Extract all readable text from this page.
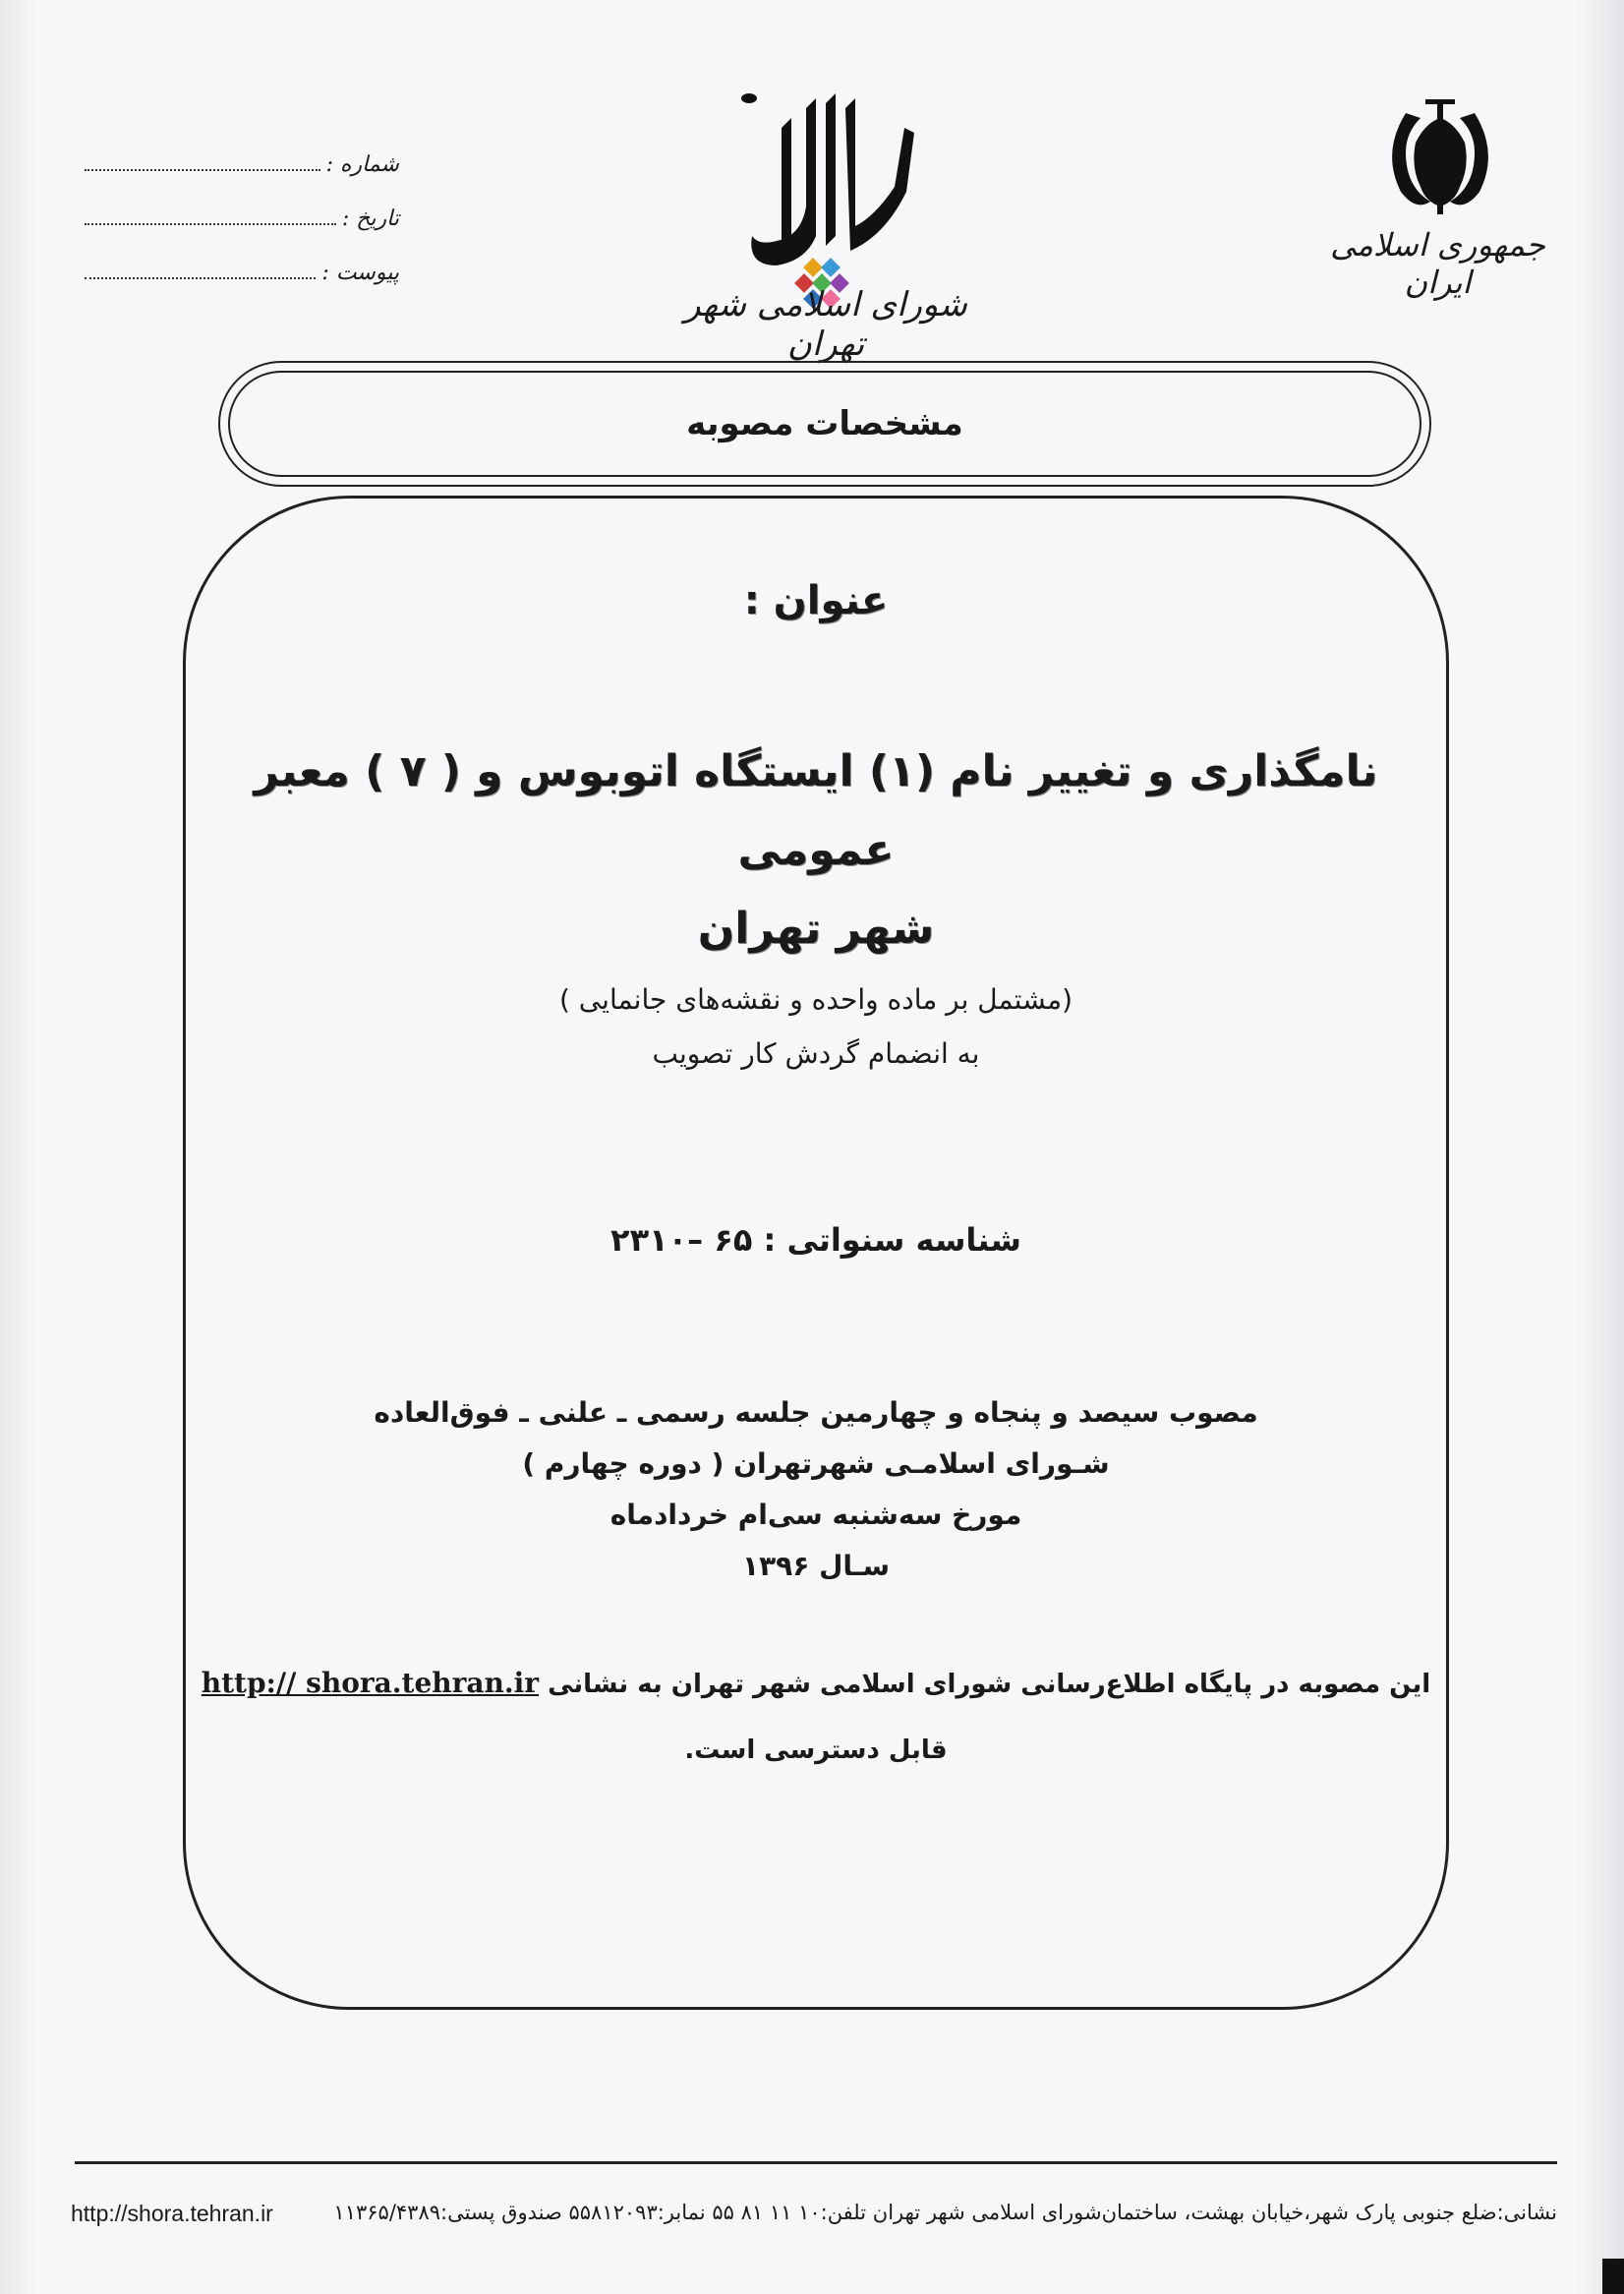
شماره :
تاریخ :
پیوست :
شورای اسلامی شهر تهران
جمهوری اسلامی ایران
مشخصات مصوبه
عنوان :
نامگذاری و تغییر نام (۱) ایستگاه اتوبوس و ( ۷ ) معبر عمومی
شهر تهران
(مشتمل بر ماده واحده و نقشه‌های جانمایی )
به انضمام گردش کار تصویب
شناسه سنواتی : ۶۵ –۲۳۱۰
مصوب سیصد و پنجاه و چهارمین جلسه رسمی ـ علنی ـ فوق‌العاده
شـورای اسلامـی شهرتهران ( دوره چهارم )
مورخ سه‌شنبه سی‌ام خردادماه
سـال ۱۳۹۶
این مصوبه در پایگاه اطلاع‌رسانی شورای اسلامی شهر تهران به نشانی http:// shora.tehran.ir
قابل دسترسی است.
نشانی:ضلع جنوبی پارک شهر،خیابان بهشت، ساختمان‌شورای اسلامی شهر تهران تلفن:۱۰ ۱۱ ۸۱ ۵۵ نمابر:۵۵۸۱۲۰۹۳ صندوق پستی:۱۱۳۶۵/۴۳۸۹
http://shora.tehran.ir
